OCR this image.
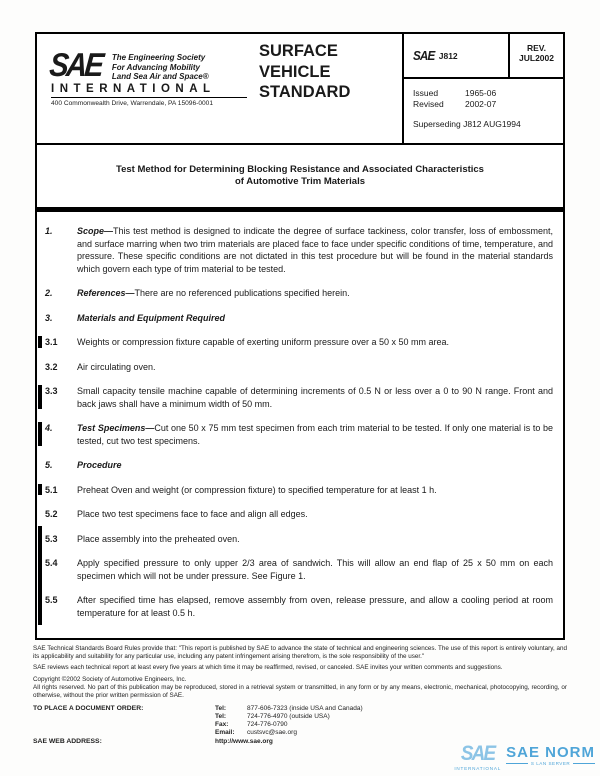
SAE The Engineering Society
For Advancing Mobility
Land Sea Air and Space®
INTERNATIONAL
400 Commonwealth Drive, Warrendale, PA 15096-0001
SURFACE
VEHICLE
STANDARD
SAE J812
REV.
JUL2002
Issued	1965-06
Revised	2002-07
Superseding J812 AUG1994
Test Method for Determining Blocking Resistance and Associated Characteristics
of Automotive Trim Materials
1.	Scope—This test method is designed to indicate the degree of surface tackiness, color transfer, loss of embossment, and surface marring when two trim materials are placed face to face under specific conditions of time, temperature, and pressure. These specific conditions are not dictated in this test procedure but will be found in the material standards which govern each type of trim material to be tested.
2.	References—There are no referenced publications specified herein.
3.	Materials and Equipment Required
3.1 Weights or compression fixture capable of exerting uniform pressure over a 50 x 50 mm area.
3.2 Air circulating oven.
3.3 Small capacity tensile machine capable of determining increments of 0.5 N or less over a 0 to 90 N range. Front and back jaws shall have a minimum width of 50 mm.
4.	Test Specimens—Cut one 50 x 75 mm test specimen from each trim material to be tested. If only one material is to be tested, cut two test specimens.
5.	Procedure
5.1 Preheat Oven and weight (or compression fixture) to specified temperature for at least 1 h.
5.2 Place two test specimens face to face and align all edges.
5.3 Place assembly into the preheated oven.
5.4 Apply specified pressure to only upper 2/3 area of sandwich. This will allow an end flap of 25 x 50 mm on each specimen which will not be under pressure. See Figure 1.
5.5 After specified time has elapsed, remove assembly from oven, release pressure, and allow a cooling period at room temperature for at least 0.5 h.

SAE Technical Standards Board Rules provide that: "This report is published by SAE to advance the state of technical and engineering sciences. The use of this report is entirely voluntary, and its applicability and suitability for any particular use, including any patent infringement arising therefrom, is the sole responsibility of the user."

SAE reviews each technical report at least every five years at which time it may be reaffirmed, revised, or canceled. SAE invites your written comments and suggestions.

Copyright ©2002 Society of Automotive Engineers, Inc.

All rights reserved. No part of this publication may be reproduced, stored in a retrieval system or transmitted, in any form or by any means, electronic, mechanical, photocopying, recording, or otherwise, without the prior written permission of SAE.

TO PLACE A DOCUMENT ORDER:	Tel:	877-606-7323 (inside USA and Canada)
Tel:	724-776-4970 (outside USA)
Fax:	724-776-0790
Email:	custsvc@sae.org
SAE WEB ADDRESS:	http://www.sae.org
SAE
INTERNATIONAL
SAE NORM
S LAN SERVER
